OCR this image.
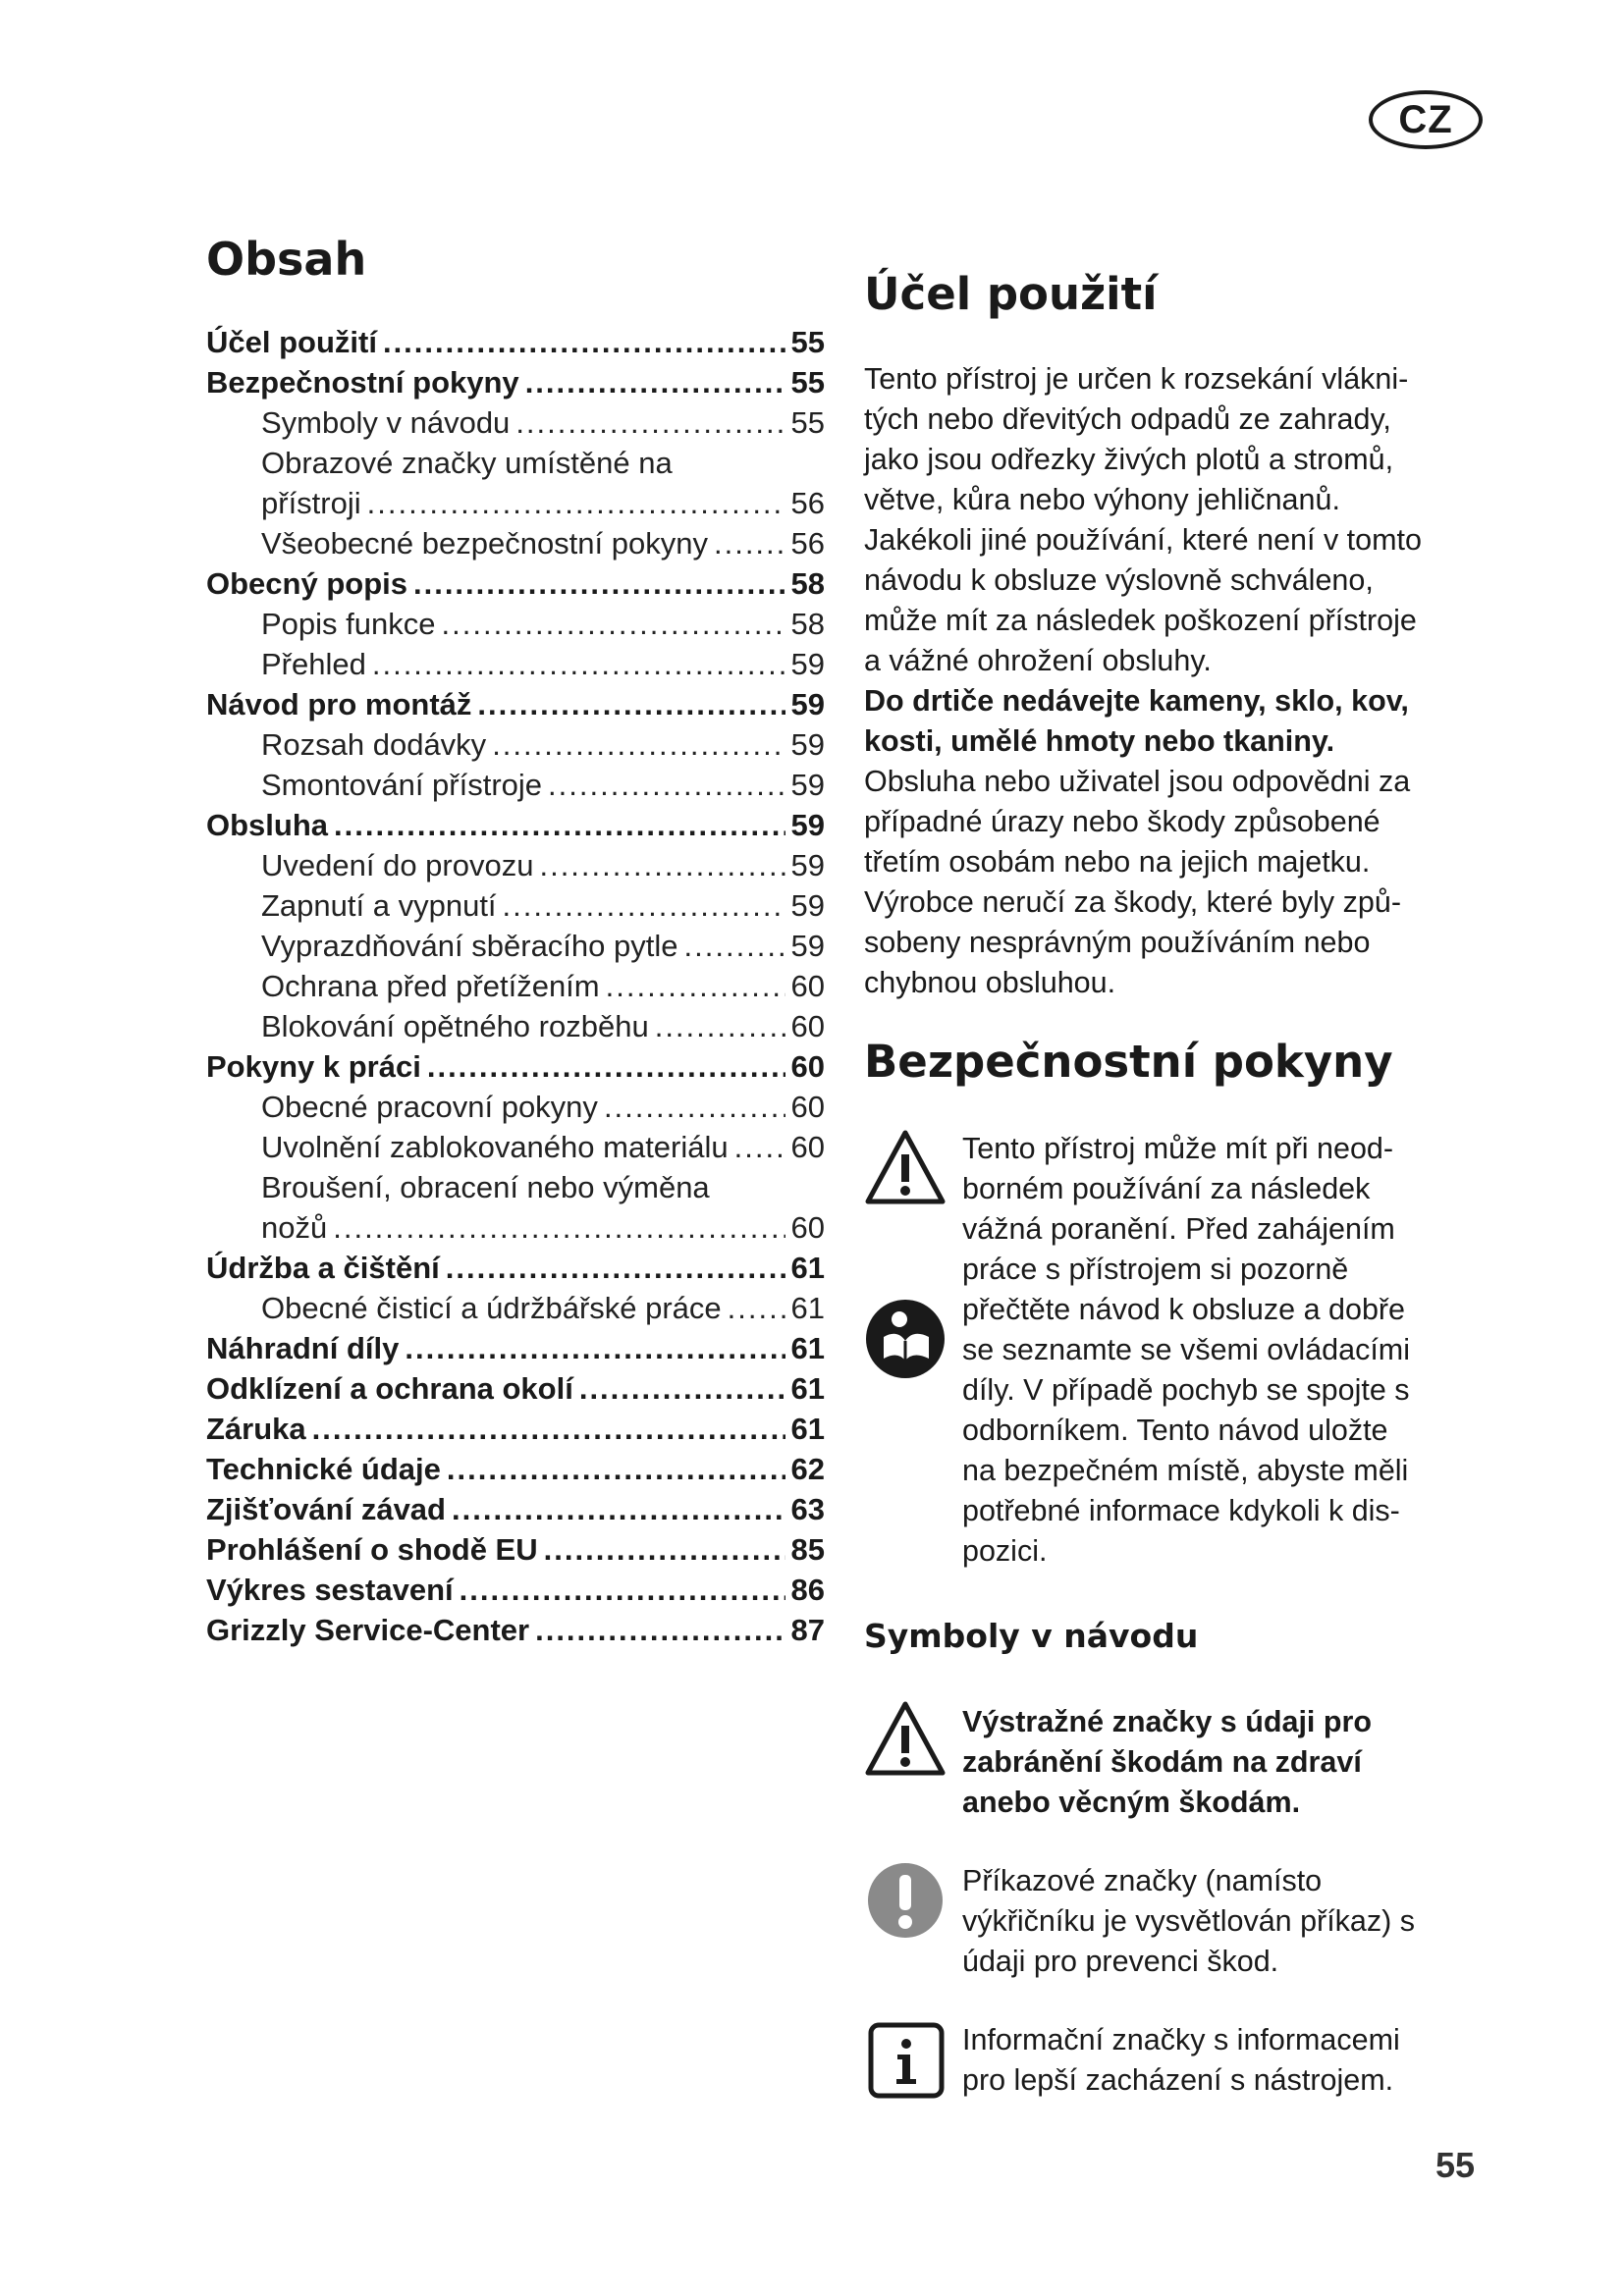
CZ
Obsah
Účel použití .....	55
Bezpečnostní pokyny .....	55
Symboly v návodu .....	55
Obrazové značky umístěné na
přístroji .....	56
Všeobecné bezpečnostní pokyny .....	56
Obecný popis .....	58
Popis funkce .....	58
Přehled .....	59
Návod pro montáž .....	59
Rozsah dodávky .....	59
Smontování přístroje .....	59
Obsluha .....	59
Uvedení do provozu .....	59
Zapnutí a vypnutí .....	59
Vyprazdňování sběracího pytle .....	59
Ochrana před přetížením .....	60
Blokování opětného rozběhu .....	60
Pokyny k práci .....	60
Obecné pracovní pokyny .....	60
Uvolnění zablokovaného materiálu ..... 60
Broušení, obracení nebo výměna
nožů .....	60
Údržba a čištění .....	61
Obecné čisticí a údržbářské práce ..... 61
Náhradní díly .....	61
Odklízení a ochrana okolí .....	61
Záruka .....	61
Technické údaje .....	62
Zjišťování závad .....	63
Prohlášení o shodě EU .....	85
Výkres sestavení .....	86
Grizzly Service-Center .....	87
Účel použití

Tento přístroj je určen k rozsekání vlákni-

tých nebo dřevitých odpadů ze zahrady,

jako jsou odřezky živých plotů a stromů,

větve, kůra nebo výhony jehličnanů.

Jakékoli jiné používání, které není v tomto

návodu k obsluze výslovně schváleno,

může mít za následek poškození přístroje

a vážné ohrožení obsluhy.

Do drtiče nedávejte kameny, sklo, kov,

kosti, umělé hmoty nebo tkaniny.

Obsluha nebo uživatel jsou odpovědni za

případné úrazy nebo škody způsobené

třetím osobám nebo na jejich majetku.

Výrobce neručí za škody, které byly způ-

sobeny nesprávným používáním nebo

chybnou obsluhou.

Bezpečnostní pokyny
Tento přístroj může mít při neod-
borném používání za následek
vážná poranění. Před zahájením
práce s přístrojem si pozorně
přečtěte návod k obsluze a dobře
se seznamte se všemi ovládacími
díly. V případě pochyb se spojte s
odborníkem. Tento návod uložte
na bezpečném místě, abyste měli
potřebné informace kdykoli k dis-
pozici.
Symboly v návodu
Výstražné značky s údaji pro
zabránění škodám na zdraví
anebo věcným škodám.
Příkazové značky (namísto
výkřičníku je vysvětlován příkaz) s
údaji pro prevenci škod.
Informační značky s informacemi
pro lepší zacházení s nástrojem.
55
